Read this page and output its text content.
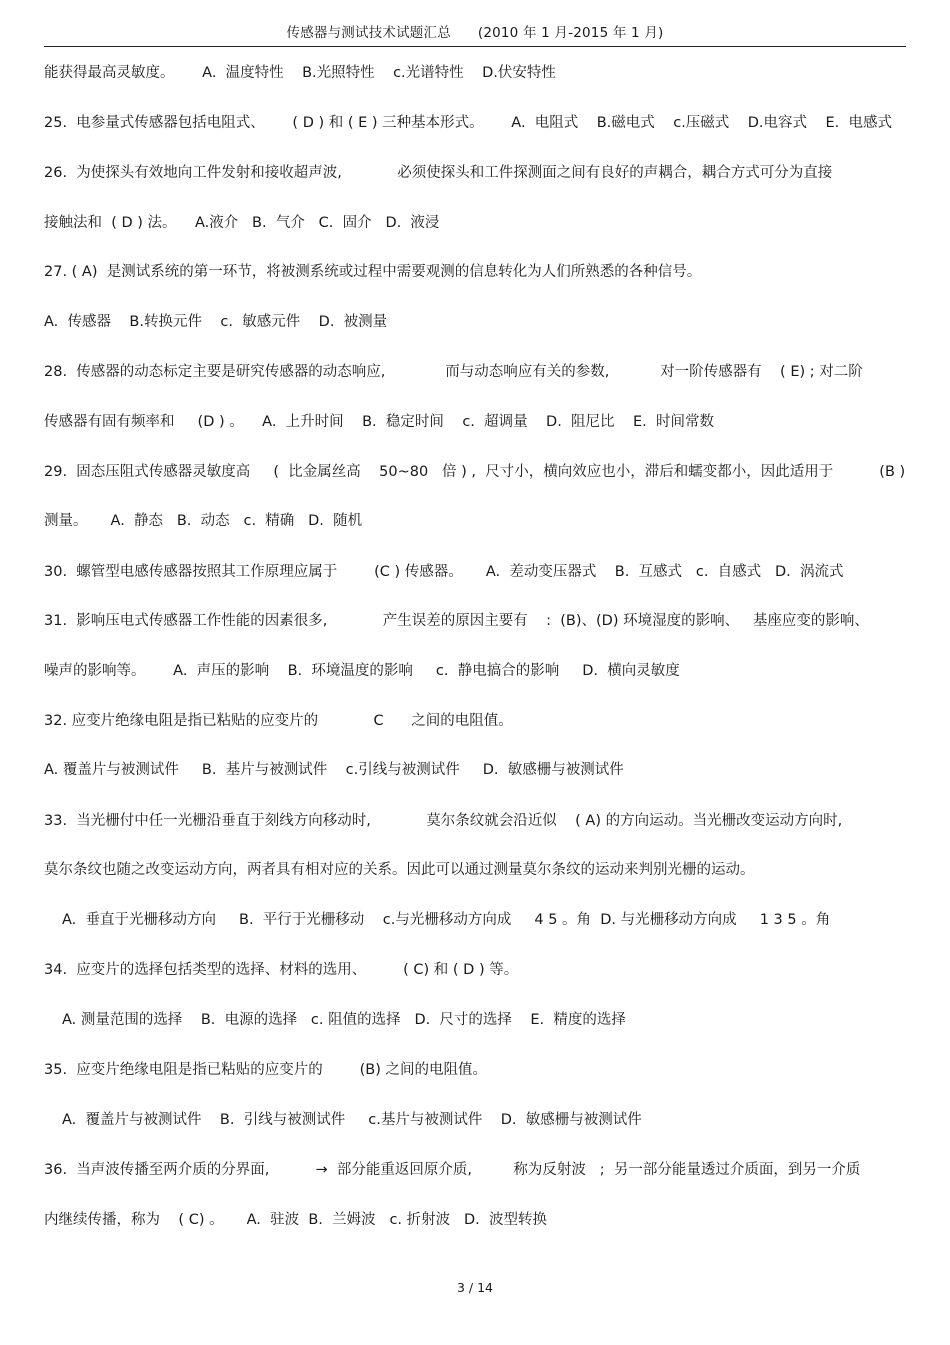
传感器与测试技术试题汇总      (2010 年 1 月-2015 年 1 月)
能获得最高灵敏度。      A.  温度特性    B.光照特性    c.光谱特性    D.伏安特性
25.  电参量式传感器包括电阻式、      ( D ) 和 ( E ) 三种基本形式。      A.  电阻式    B.磁电式    c.压磁式    D.电容式    E.  电感式
26.  为使探头有效地向工件发射和接收超声波,            必须使探头和工件探测面之间有良好的声耦合，耦合方式可分为直接
接触法和  ( D ) 法。    A.液介   B.  气介   C.  固介   D.  液浸
27. ( A)  是测试系统的第一环节，将被测系统或过程中需要观测的信息转化为人们所熟悉的各种信号。
A.  传感器    B.转换元件    c.  敏感元件    D.  被测量
28.  传感器的动态标定主要是研究传感器的动态响应,             而与动态响应有关的参数,           对一阶传感器有    ( E) ; 对二阶
传感器有固有频率和     (D ) 。    A.  上升时间    B.  稳定时间    c.  超调量    D.  阻尼比    E.  时间常数
29.  固态压阻式传感器灵敏度高     (  比金属丝高    50~80   倍 ) ,  尺寸小，横向效应也小，滞后和蠕变都小，因此适用于          (B )
测量。     A.  静态   B.  动态   c.  精确   D.  随机
30.  螺管型电感传感器按照其工作原理应属于        (C ) 传感器。     A.  差动变压器式    B.  互感式   c.  自感式   D.  涡流式
31.  影响压电式传感器工作性能的因素很多,            产生误差的原因主要有    :  (B)、(D) 环境湿度的影响、   基座应变的影响、
噪声的影响等。      A.  声压的影响    B.  环境温度的影响     c.  静电搞合的影响     D.  横向灵敏度
32. 应变片绝缘电阻是指已粘贴的应变片的            C      之间的电阻值。
A. 覆盖片与被测试件     B.  基片与被测试件    c.引线与被测试件     D.  敏感栅与被测试件
33.  当光栅付中任一光栅沿垂直于刻线方向移动时,            莫尔条纹就会沿近似    ( A) 的方向运动。当光栅改变运动方向时,
莫尔条纹也随之改变运动方向，两者具有相对应的关系。因此可以通过测量莫尔条纹的运动来判别光栅的运动。
A.  垂直于光栅移动方向     B.  平行于光栅移动    c.与光栅移动方向成     4 5 。角  D. 与光栅移动方向成     1 3 5 。角
34.  应变片的选择包括类型的选择、材料的选用、        ( C) 和 ( D ) 等。
A. 测量范围的选择    B.  电源的选择   c. 阻值的选择   D.  尺寸的选择    E.  精度的选择
35.  应变片绝缘电阻是指已粘贴的应变片的        (B) 之间的电阻值。
A.  覆盖片与被测试件    B.  引线与被测试件     c.基片与被测试件    D.  敏感栅与被测试件
36.  当声波传播至两介质的分界面,          →  部分能重返回原介质,         称为反射波   ;  另一部分能量透过介质面，到另一介质
内继续传播，称为    ( C) 。     A.  驻波  B.  兰姆波   c. 折射波   D.  波型转换
3 / 14
